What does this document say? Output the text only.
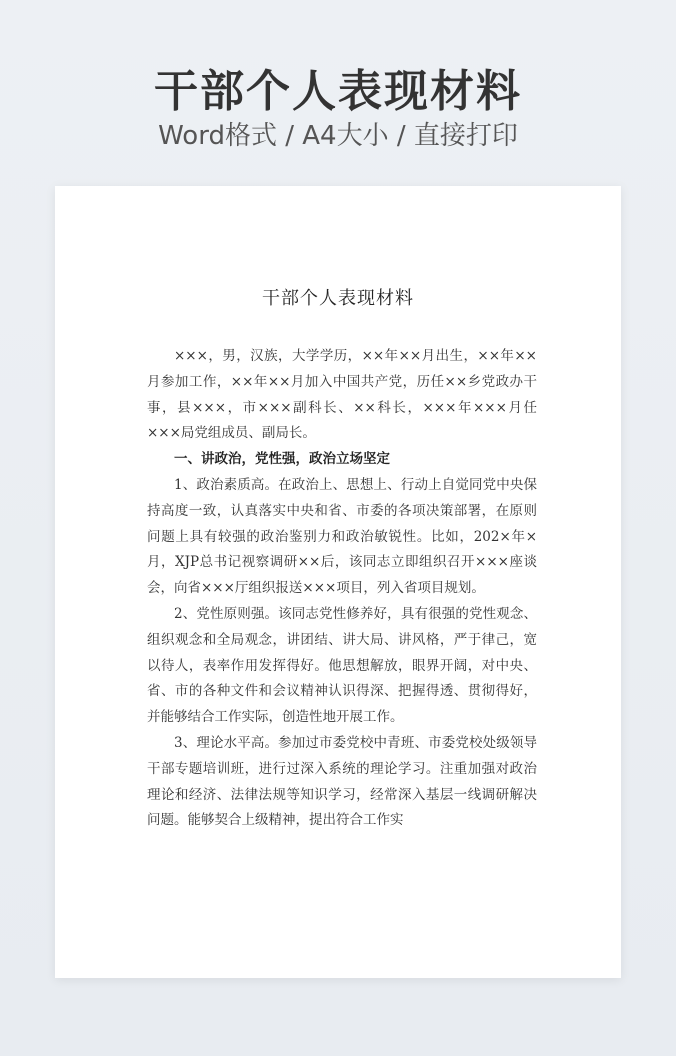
干部个人表现材料
Word格式 / A4大小 / 直接打印
干部个人表现材料

×××，男，汉族，大学学历，××年××月出生，××年××月参加工作，××年××月加入中国共产党，历任××乡党政办干事，县×××，市×××副科长、××科长，×××年×××月任×××局党组成员、副局长。

一、讲政治，党性强，政治立场坚定

1、政治素质高。在政治上、思想上、行动上自觉同党中央保持高度一致，认真落实中央和省、市委的各项决策部署，在原则问题上具有较强的政治鉴别力和政治敏锐性。比如，202×年×月，XJP总书记视察调研××后，该同志立即组织召开×××座谈会，向省×××厅组织报送×××项目，列入省项目规划。

2、党性原则强。该同志党性修养好，具有很强的党性观念、组织观念和全局观念，讲团结、讲大局、讲风格，严于律己，宽以待人，表率作用发挥得好。他思想解放，眼界开阔，对中央、省、市的各种文件和会议精神认识得深、把握得透、贯彻得好，并能够结合工作实际，创造性地开展工作。

3、理论水平高。参加过市委党校中青班、市委党校处级领导干部专题培训班，进行过深入系统的理论学习。注重加强对政治理论和经济、法律法规等知识学习，经常深入基层一线调研解决问题。能够契合上级精神，提出符合工作实
